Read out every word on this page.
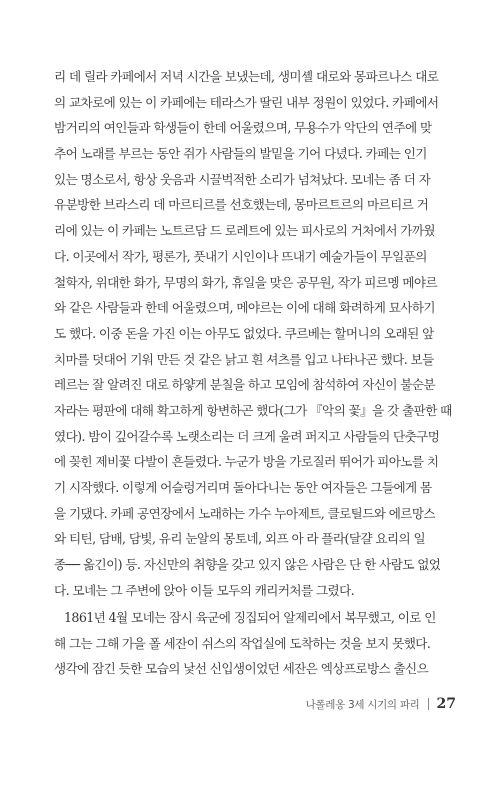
리 데 릴라 카페에서 저녁 시간을 보냈는데, 생미셸 대로와 몽파르나스 대로
의 교차로에 있는 이 카페에는 테라스가 딸린 내부 정원이 있었다. 카페에서
밤거리의 여인들과 학생들이 한데 어울렸으며, 무용수가 악단의 연주에 맞
추어 노래를 부르는 동안 쥐가 사람들의 발밑을 기어 다녔다. 카페는 인기
있는 명소로서, 항상 웃음과 시끌벅적한 소리가 넘쳐났다. 모네는 좀 더 자
유분방한 브라스리 데 마르티르를 선호했는데, 몽마르트르의 마르티르 거
리에 있는 이 카페는 노트르담 드 로레트에 있는 피사로의 거처에서 가까웠
다. 이곳에서 작가, 평론가, 풋내기 시인이나 뜨내기 예술가들이 무일푼의
철학자, 위대한 화가, 무명의 화가, 휴일을 맞은 공무원, 작가 피르멩 메야르
와 같은 사람들과 한데 어울렸으며, 메야르는 이에 대해 화려하게 묘사하기
도 했다. 이중 돈을 가진 이는 아무도 없었다. 쿠르베는 할머니의 오래된 앞
치마를 덧대어 기워 만든 것 같은 낡고 흰 셔츠를 입고 나타나곤 했다. 보들
레르는 잘 알려진 대로 하얗게 분칠을 하고 모임에 참석하여 자신이 불순분
자라는 평판에 대해 확고하게 항변하곤 했다(그가 『악의 꽃』을 갓 출판한 때
였다). 밤이 깊어갈수록 노랫소리는 더 크게 울려 퍼지고 사람들의 단춧구멍
에 꽂힌 제비꽃 다발이 흔들렸다. 누군가 방을 가로질러 뛰어가 피아노를 치
기 시작했다. 이렇게 어슬렁거리며 돌아다니는 동안 여자들은 그들에게 몸
을 기댔다. 카페 공연장에서 노래하는 가수 누아제트, 클로틸드와 에르망스
와 티틴, 담배, 담빛, 유리 눈알의 몽토네, 외프 아 라 플라(달걀 요리의 일
종── 옮긴이) 등. 자신만의 취향을 갖고 있지 않은 사람은 단 한 사람도 없었
다. 모네는 그 주변에 앉아 이들 모두의 캐리커처를 그렸다.
1861년 4월 모네는 잠시 육군에 징집되어 알제리에서 복무했고, 이로 인
해 그는 그해 가을 폴 세잔이 쉬스의 작업실에 도착하는 것을 보지 못했다.
생각에 잠긴 듯한 모습의 낯선 신입생이었던 세잔은 엑상프로방스 출신으
나폴레옹 3세 시기의 파리 27
